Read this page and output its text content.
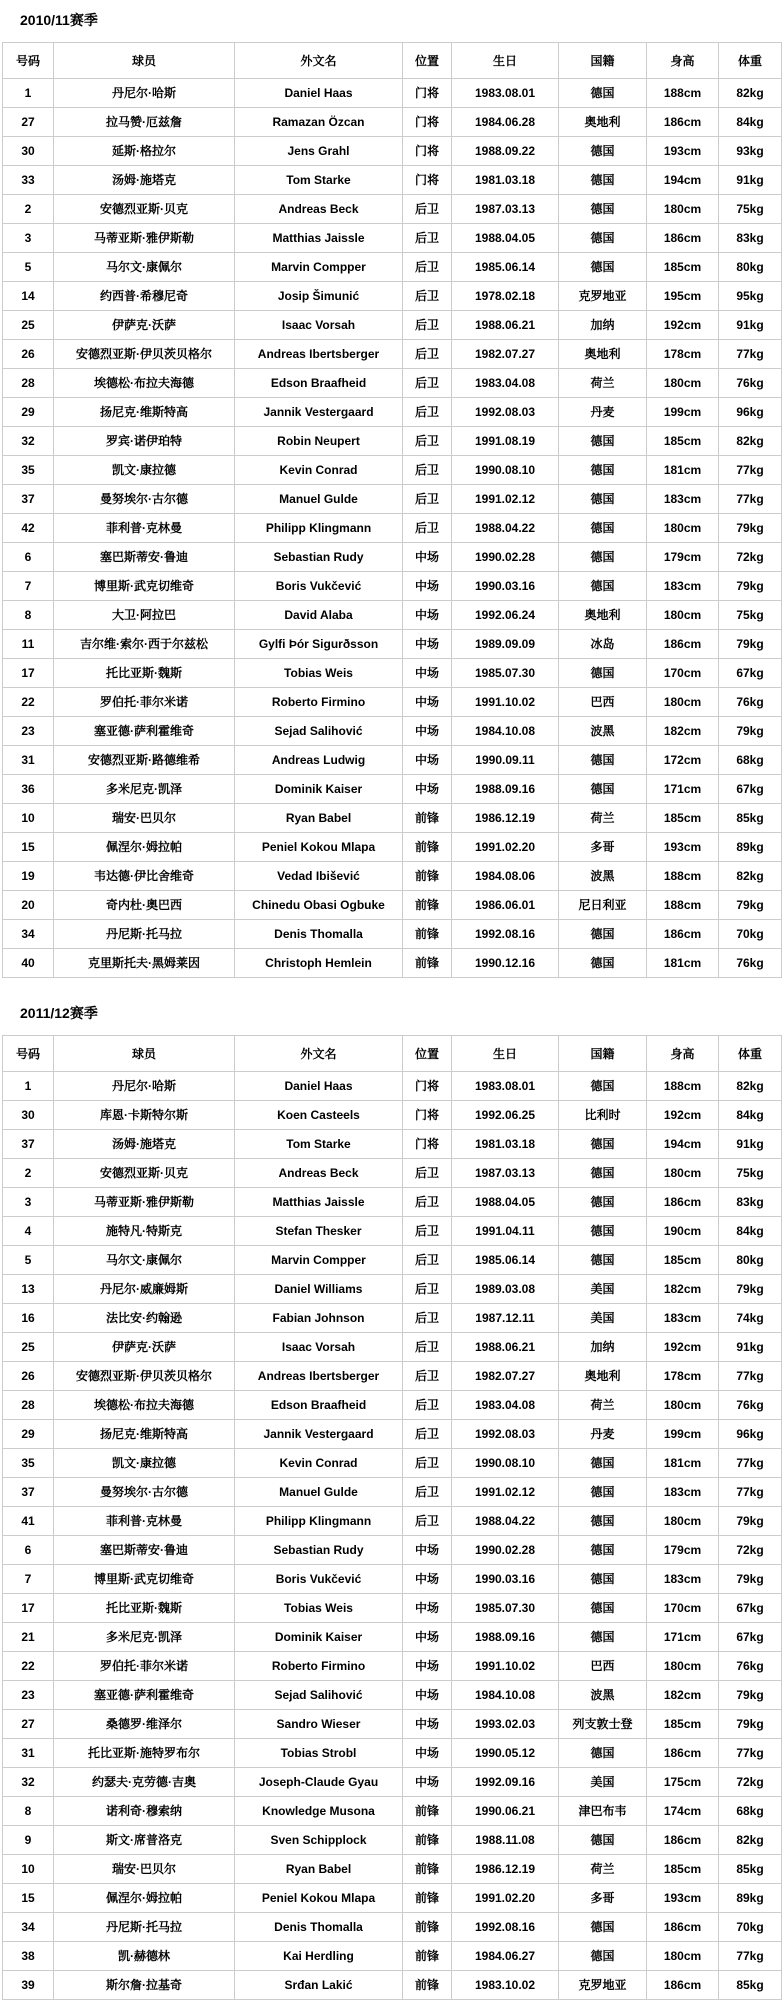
2010/11赛季
号码	球员	外文名	位置	生日	国籍	身高	体重
1	丹尼尔·哈斯	Daniel Haas	门将	1983.08.01	德国	188cm	82kg
27	拉马赞·厄兹詹	Ramazan Özcan	门将	1984.06.28	奥地利	186cm	84kg
30	延斯·格拉尔	Jens Grahl	门将	1988.09.22	德国	193cm	93kg
33	汤姆·施塔克	Tom Starke	门将	1981.03.18	德国	194cm	91kg
2	安德烈亚斯·贝克	Andreas Beck	后卫	1987.03.13	德国	180cm	75kg
3	马蒂亚斯·雅伊斯勒	Matthias Jaissle	后卫	1988.04.05	德国	186cm	83kg
5	马尔文·康佩尔	Marvin Compper	后卫	1985.06.14	德国	185cm	80kg
14	约西普·希穆尼奇	Josip Šimunić	后卫	1978.02.18	克罗地亚	195cm	95kg
25	伊萨克·沃萨	Isaac Vorsah	后卫	1988.06.21	加纳	192cm	91kg
26	安德烈亚斯·伊贝茨贝格尔	Andreas Ibertsberger	后卫	1982.07.27	奥地利	178cm	77kg
28	埃德松·布拉夫海德	Edson Braafheid	后卫	1983.04.08	荷兰	180cm	76kg
29	扬尼克·维斯特高	Jannik Vestergaard	后卫	1992.08.03	丹麦	199cm	96kg
32	罗宾·诺伊珀特	Robin Neupert	后卫	1991.08.19	德国	185cm	82kg
35	凯文·康拉德	Kevin Conrad	后卫	1990.08.10	德国	181cm	77kg
37	曼努埃尔·古尔德	Manuel Gulde	后卫	1991.02.12	德国	183cm	77kg
42	菲利普·克林曼	Philipp Klingmann	后卫	1988.04.22	德国	180cm	79kg
6	塞巴斯蒂安·鲁迪	Sebastian Rudy	中场	1990.02.28	德国	179cm	72kg
7	博里斯·武克切维奇	Boris Vukčević	中场	1990.03.16	德国	183cm	79kg
8	大卫·阿拉巴	David Alaba	中场	1992.06.24	奥地利	180cm	75kg
11	吉尔维·索尔·西于尔兹松	Gylfi Þór Sigurðsson	中场	1989.09.09	冰岛	186cm	79kg
17	托比亚斯·魏斯	Tobias Weis	中场	1985.07.30	德国	170cm	67kg
22	罗伯托·菲尔米诺	Roberto Firmino	中场	1991.10.02	巴西	180cm	76kg
23	塞亚德·萨利霍维奇	Sejad Salihović	中场	1984.10.08	波黑	182cm	79kg
31	安德烈亚斯·路德维希	Andreas Ludwig	中场	1990.09.11	德国	172cm	68kg
36	多米尼克·凯泽	Dominik Kaiser	中场	1988.09.16	德国	171cm	67kg
10	瑞安·巴贝尔	Ryan Babel	前锋	1986.12.19	荷兰	185cm	85kg
15	佩涅尔·姆拉帕	Peniel Kokou Mlapa	前锋	1991.02.20	多哥	193cm	89kg
19	韦达德·伊比舍维奇	Vedad Ibišević	前锋	1984.08.06	波黑	188cm	82kg
20	奇内杜·奥巴西	Chinedu Obasi Ogbuke	前锋	1986.06.01	尼日利亚	188cm	79kg
34	丹尼斯·托马拉	Denis Thomalla	前锋	1992.08.16	德国	186cm	70kg
40	克里斯托夫·黑姆莱因	Christoph Hemlein	前锋	1990.12.16	德国	181cm	76kg
2011/12赛季
号码	球员	外文名	位置	生日	国籍	身高	体重
1	丹尼尔·哈斯	Daniel Haas	门将	1983.08.01	德国	188cm	82kg
30	库恩·卡斯特尔斯	Koen Casteels	门将	1992.06.25	比利时	192cm	84kg
37	汤姆·施塔克	Tom Starke	门将	1981.03.18	德国	194cm	91kg
2	安德烈亚斯·贝克	Andreas Beck	后卫	1987.03.13	德国	180cm	75kg
3	马蒂亚斯·雅伊斯勒	Matthias Jaissle	后卫	1988.04.05	德国	186cm	83kg
4	施特凡·特斯克	Stefan Thesker	后卫	1991.04.11	德国	190cm	84kg
5	马尔文·康佩尔	Marvin Compper	后卫	1985.06.14	德国	185cm	80kg
13	丹尼尔·威廉姆斯	Daniel Williams	后卫	1989.03.08	美国	182cm	79kg
16	法比安·约翰逊	Fabian Johnson	后卫	1987.12.11	美国	183cm	74kg
25	伊萨克·沃萨	Isaac Vorsah	后卫	1988.06.21	加纳	192cm	91kg
26	安德烈亚斯·伊贝茨贝格尔	Andreas Ibertsberger	后卫	1982.07.27	奥地利	178cm	77kg
28	埃德松·布拉夫海德	Edson Braafheid	后卫	1983.04.08	荷兰	180cm	76kg
29	扬尼克·维斯特高	Jannik Vestergaard	后卫	1992.08.03	丹麦	199cm	96kg
35	凯文·康拉德	Kevin Conrad	后卫	1990.08.10	德国	181cm	77kg
37	曼努埃尔·古尔德	Manuel Gulde	后卫	1991.02.12	德国	183cm	77kg
41	菲利普·克林曼	Philipp Klingmann	后卫	1988.04.22	德国	180cm	79kg
6	塞巴斯蒂安·鲁迪	Sebastian Rudy	中场	1990.02.28	德国	179cm	72kg
7	博里斯·武克切维奇	Boris Vukčević	中场	1990.03.16	德国	183cm	79kg
17	托比亚斯·魏斯	Tobias Weis	中场	1985.07.30	德国	170cm	67kg
21	多米尼克·凯泽	Dominik Kaiser	中场	1988.09.16	德国	171cm	67kg
22	罗伯托·菲尔米诺	Roberto Firmino	中场	1991.10.02	巴西	180cm	76kg
23	塞亚德·萨利霍维奇	Sejad Salihović	中场	1984.10.08	波黑	182cm	79kg
27	桑德罗·维泽尔	Sandro Wieser	中场	1993.02.03	列支敦士登	185cm	79kg
31	托比亚斯·施特罗布尔	Tobias Strobl	中场	1990.05.12	德国	186cm	77kg
32	约瑟夫·克劳德·吉奥	Joseph-Claude Gyau	中场	1992.09.16	美国	175cm	72kg
8	诺利奇·穆索纳	Knowledge Musona	前锋	1990.06.21	津巴布韦	174cm	68kg
9	斯文·席普洛克	Sven Schipplock	前锋	1988.11.08	德国	186cm	82kg
10	瑞安·巴贝尔	Ryan Babel	前锋	1986.12.19	荷兰	185cm	85kg
15	佩涅尔·姆拉帕	Peniel Kokou Mlapa	前锋	1991.02.20	多哥	193cm	89kg
34	丹尼斯·托马拉	Denis Thomalla	前锋	1992.08.16	德国	186cm	70kg
38	凯·赫德林	Kai Herdling	前锋	1984.06.27	德国	180cm	77kg
39	斯尔詹·拉基奇	Srđan Lakić	前锋	1983.10.02	克罗地亚	186cm	85kg
